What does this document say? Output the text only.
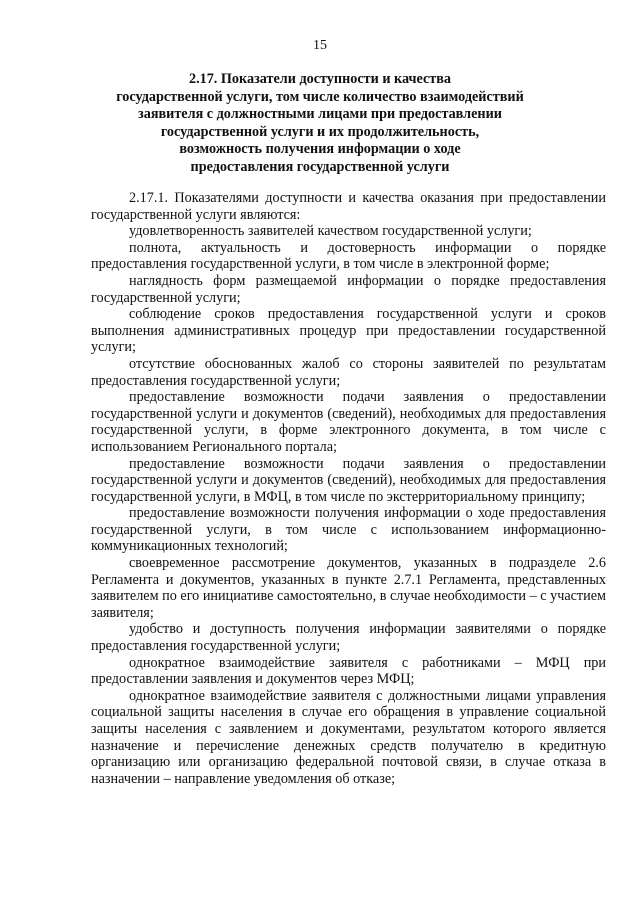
15
2.17. Показатели доступности и качества
государственной услуги, том числе количество взаимодействий
заявителя с должностными лицами при предоставлении
государственной услуги и их продолжительность,
возможность получения информации о ходе
предоставления государственной услуги

2.17.1. Показателями доступности и качества оказания при предоставлении государственной услуги являются:

удовлетворенность заявителей качеством государственной услуги;

полнота, актуальность и достоверность информации о порядке предоставления государственной услуги, в том числе в электронной форме;

наглядность форм размещаемой информации о порядке предоставления государственной услуги;

соблюдение сроков предоставления государственной услуги и сроков выполнения административных процедур при предоставлении государственной услуги;

отсутствие обоснованных жалоб со стороны заявителей по результатам предоставления государственной услуги;

предоставление возможности подачи заявления о предоставлении государственной услуги и документов (сведений), необходимых для предоставления государственной услуги, в форме электронного документа, в том числе с использованием Регионального портала;

предоставление возможности подачи заявления о предоставлении государственной услуги и документов (сведений), необходимых для предоставления государственной услуги, в МФЦ, в том числе по экстерриториальному принципу;

предоставление возможности получения информации о ходе предоставления государственной услуги, в том числе с использованием информационно-коммуникационных технологий;

своевременное рассмотрение документов, указанных в подразделе 2.6 Регламента и документов, указанных в пункте 2.7.1 Регламента, представленных заявителем по его инициативе самостоятельно, в случае необходимости – с участием заявителя;

удобство и доступность получения информации заявителями о порядке предоставления государственной услуги;

однократное взаимодействие заявителя с работниками – МФЦ при предоставлении заявления и документов через МФЦ;

однократное взаимодействие заявителя с должностными лицами управления социальной защиты населения в случае его обращения в управление социальной защиты населения с заявлением и документами, результатом которого является назначение и перечисление денежных средств получателю в кредитную организацию или организацию федеральной почтовой связи, в случае отказа в назначении – направление уведомления об отказе;
